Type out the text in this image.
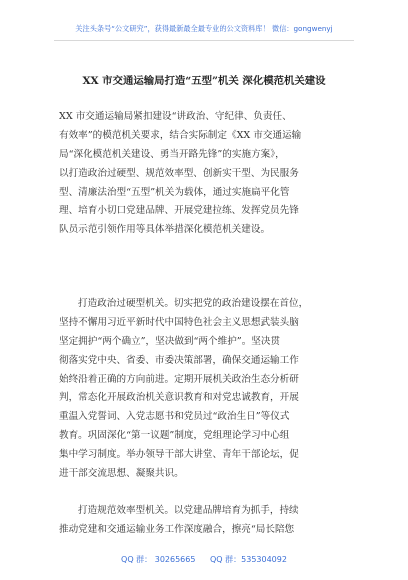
关注头条号“公文研究”，获得最新最全最专业的公文资料库！ 微信：gongwenyj
XX 市交通运输局打造“五型”机关 深化模范机关建设
XX 市交通运输局紧扣建设“讲政治、守纪律、负责任、
有效率”的模范机关要求，结合实际制定《XX 市交通运输
局“深化模范机关建设、勇当开路先锋”的实施方案》，
以打造政治过硬型、规范效率型、创新实干型、为民服务
型、清廉法治型“五型”机关为载体，通过实施扁平化管
理、培育小切口党建品牌、开展党建拉练、发挥党员先锋
队员示范引领作用等具体举措深化模范机关建设。
打造政治过硬型机关。切实把党的政治建设摆在首位，
坚持不懈用习近平新时代中国特色社会主义思想武装头脑
坚定拥护“两个确立”，坚决做到“两个维护”。坚决贯
彻落实党中央、省委、市委决策部署，确保交通运输工作
始终沿着正确的方向前进。定期开展机关政治生态分析研
判，常态化开展政治机关意识教育和对党忠诚教育，开展
重温入党誓词、入党志愿书和党员过“政治生日”等仪式
教育。巩固深化“第一议题”制度，党组理论学习中心组
集中学习制度。举办领导干部大讲堂、青年干部论坛，促
进干部交流思想、凝聚共识。
打造规范效率型机关。以党建品牌培育为抓手，持续
推动党建和交通运输业务工作深度融合，擦亮“局长陪您
QQ 群： 30265665 QQ 群：535304092
